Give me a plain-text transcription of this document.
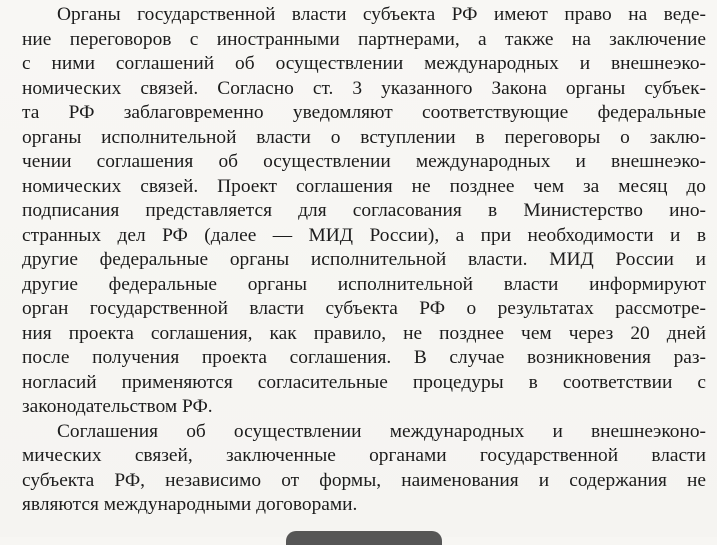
Органы государственной власти субъекта РФ имеют право на веде-
ние переговоров с иностранными партнерами, а также на заключение
с ними соглашений об осуществлении международных и внешнеэко-
номических связей. Согласно ст. 3 указанного Закона органы субъек-
та РФ заблаговременно уведомляют соответствующие федеральные
органы исполнительной власти о вступлении в переговоры о заклю-
чении соглашения об осуществлении международных и внешнеэко-
номических связей. Проект соглашения не позднее чем за месяц до
подписания представляется для согласования в Министерство ино-
странных дел РФ (далее — МИД России), а при необходимости и в
другие федеральные органы исполнительной власти. МИД России и
другие федеральные органы исполнительной власти информируют
орган государственной власти субъекта РФ о результатах рассмотре-
ния проекта соглашения, как правило, не позднее чем через 20 дней
после получения проекта соглашения. В случае возникновения раз-
ногласий применяются согласительные процедуры в соответствии с
законодательством РФ.

Соглашения об осуществлении международных и внешнеэконо-
мических связей, заключенные органами государственной власти
субъекта РФ, независимо от формы, наименования и содержания не
являются международными договорами.
